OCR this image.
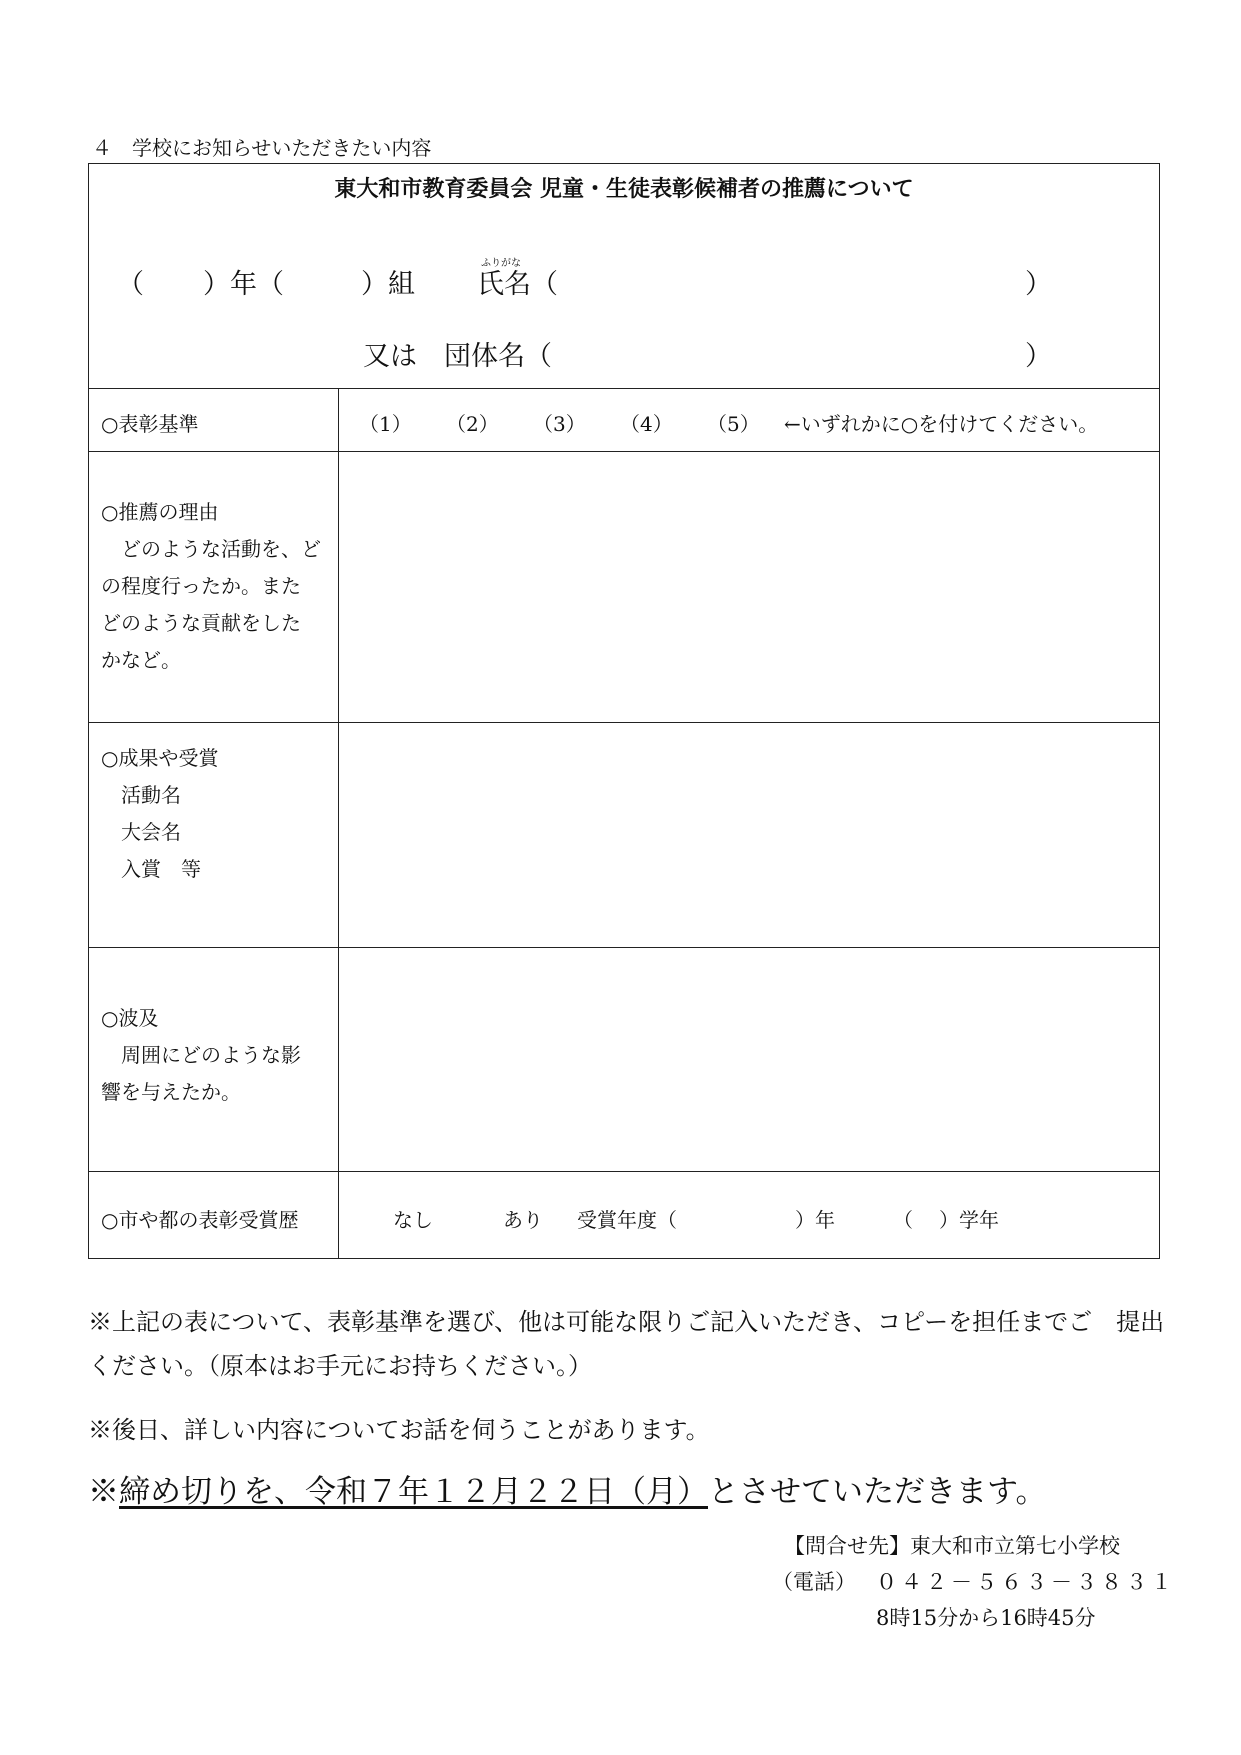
４　学校にお知らせいただきたい内容
東大和市教育委員会 児童・生徒表彰候補者の推薦について
（ ）年（	）組
ふりがな
氏名（	）
又は　団体名（	）
○表彰基準	（1） （2） （3） （4） （5） ←いずれかに○を付けてください。
○推薦の理由
　どのような活動を、ど
の程度行ったか。また
どのような貢献をした
かなど。
○成果や受賞
　活動名
　大会名
　入賞　等
○波及
　周囲にどのような影
響を与えたか。
○市や都の表彰受賞歴	なし	あり 受賞年度（	）年	（ ）学年
※上記の表について、表彰基準を選び、他は可能な限りご記入いただき、コピーを担任までご　提出ください。（原本はお手元にお持ちください。）
※後日、詳しい内容についてお話を伺うことがあります。
※締め切りを、令和７年１２月２２日（月）とさせていただきます。
【問合せ先】東大和市立第七小学校
（電話） ０４２－５６３－３８３１
8時15分から16時45分
